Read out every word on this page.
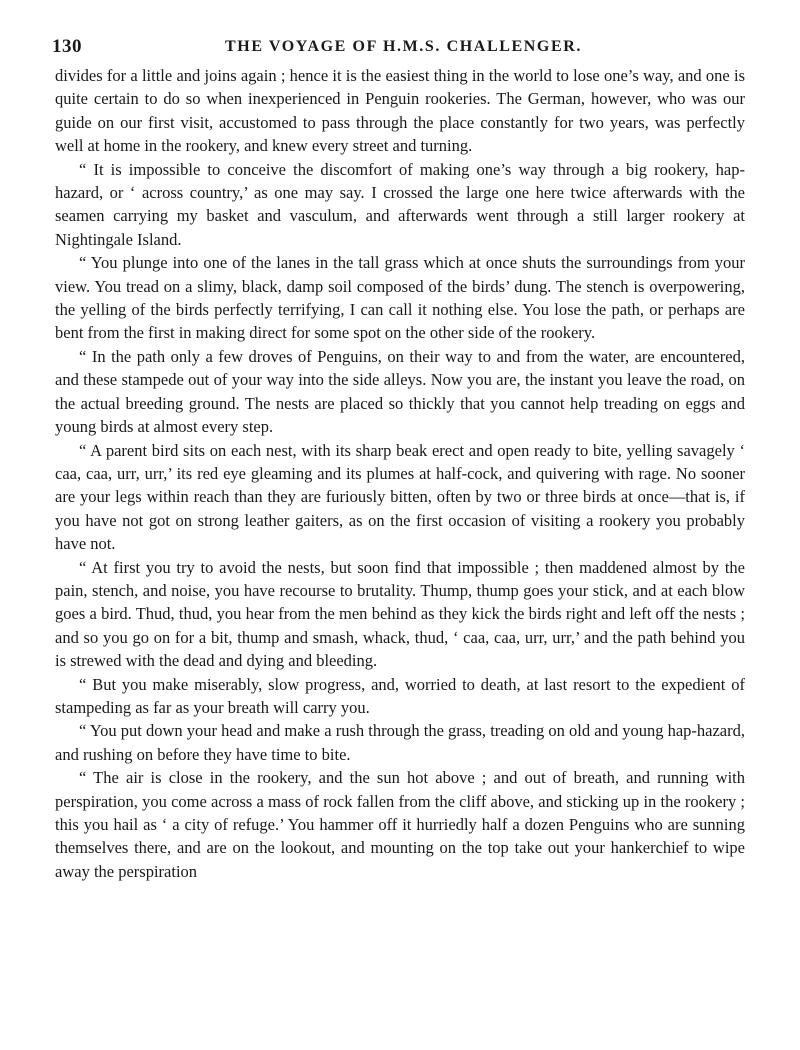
130	THE VOYAGE OF H.M.S. CHALLENGER.

divides for a little and joins again ; hence it is the easiest thing in the world to lose one’s way, and one is quite certain to do so when inexperienced in Penguin rookeries. The German, however, who was our guide on our first visit, accustomed to pass through the place constantly for two years, was perfectly well at home in the rookery, and knew every street and turning.

“ It is impossible to conceive the discomfort of making one’s way through a big rookery, hap-hazard, or ‘ across country,’ as one may say. I crossed the large one here twice afterwards with the seamen carrying my basket and vasculum, and afterwards went through a still larger rookery at Nightingale Island.

“ You plunge into one of the lanes in the tall grass which at once shuts the surroundings from your view. You tread on a slimy, black, damp soil composed of the birds’ dung. The stench is overpowering, the yelling of the birds perfectly terrifying, I can call it nothing else. You lose the path, or perhaps are bent from the first in making direct for some spot on the other side of the rookery.

“ In the path only a few droves of Penguins, on their way to and from the water, are encountered, and these stampede out of your way into the side alleys. Now you are, the instant you leave the road, on the actual breeding ground. The nests are placed so thickly that you cannot help treading on eggs and young birds at almost every step.

“ A parent bird sits on each nest, with its sharp beak erect and open ready to bite, yelling savagely ‘ caa, caa, urr, urr,’ its red eye gleaming and its plumes at half-cock, and quivering with rage. No sooner are your legs within reach than they are furiously bitten, often by two or three birds at once—that is, if you have not got on strong leather gaiters, as on the first occasion of visiting a rookery you probably have not.

“ At first you try to avoid the nests, but soon find that impossible ; then maddened almost by the pain, stench, and noise, you have recourse to brutality. Thump, thump goes your stick, and at each blow goes a bird. Thud, thud, you hear from the men behind as they kick the birds right and left off the nests ; and so you go on for a bit, thump and smash, whack, thud, ‘ caa, caa, urr, urr,’ and the path behind you is strewed with the dead and dying and bleeding.

“ But you make miserably, slow progress, and, worried to death, at last resort to the expedient of stampeding as far as your breath will carry you.

“ You put down your head and make a rush through the grass, treading on old and young hap-hazard, and rushing on before they have time to bite.

“ The air is close in the rookery, and the sun hot above ; and out of breath, and running with perspiration, you come across a mass of rock fallen from the cliff above, and sticking up in the rookery ; this you hail as ‘ a city of refuge.’ You hammer off it hurriedly half a dozen Penguins who are sunning themselves there, and are on the lookout, and mounting on the top take out your hankerchief to wipe away the perspiration
